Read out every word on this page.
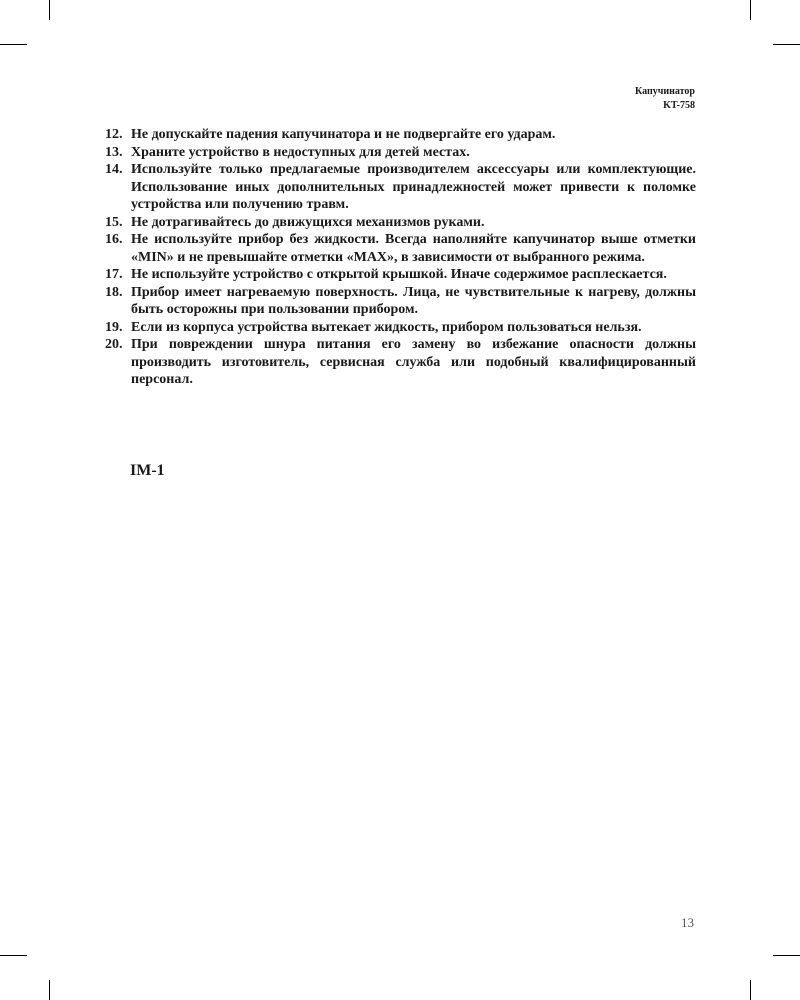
Капучинатор
KT-758
12. Не допускайте падения капучинатора и не подвергайте его ударам.
13. Храните устройство в недоступных для детей местах.
14. Используйте только предлагаемые производителем аксессуары или комплектующие. Использование иных дополнительных принадлежностей может привести к поломке устройства или получению травм.
15. Не дотрагивайтесь до движущихся механизмов руками.
16. Не используйте прибор без жидкости. Всегда наполняйте капучинатор выше отметки «MIN» и не превышайте отметки «MAX», в зависимости от выбранного режима.
17. Не используйте устройство с открытой крышкой. Иначе содержимое расплескается.
18. Прибор имеет нагреваемую поверхность. Лица, не чувствительные к нагреву, должны быть осторожны при пользовании прибором.
19. Если из корпуса устройства вытекает жидкость, прибором пользоваться нельзя.
20. При повреждении шнура питания его замену во избежание опасности должны производить изготовитель, сервисная служба или подобный квалифицированный персонал.
IM-1
13
